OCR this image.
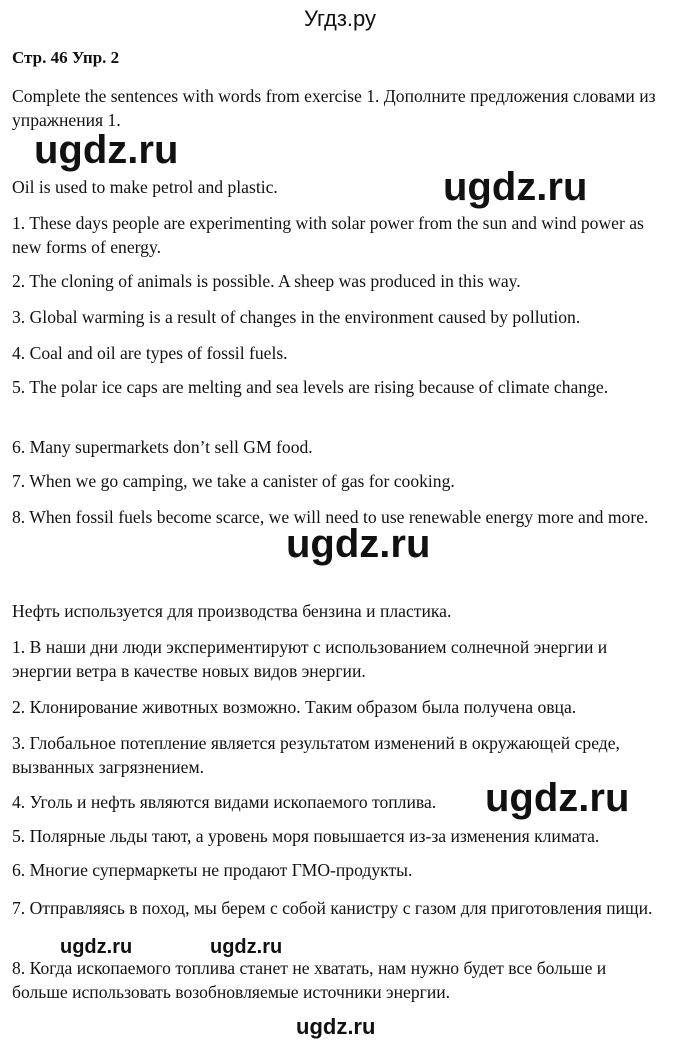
Угдз.ру
Стр. 46 Упр. 2

Complete the sentences with words from exercise 1. Дополните предложения словами из упражнения 1.

Oil is used to make petrol and plastic.

1. These days people are experimenting with solar power from the sun and wind power as new forms of energy.

2. The cloning of animals is possible. A sheep was produced in this way.

3. Global warming is a result of changes in the environment caused by pollution.

4. Coal and oil are types of fossil fuels.

5. The polar ice caps are melting and sea levels are rising because of climate change.

6. Many supermarkets don’t sell GM food.

7. When we go camping, we take a canister of gas for cooking.

8. When fossil fuels become scarce, we will need to use renewable energy more and more.

Нефть используется для производства бензина и пластика.

1. В наши дни люди экспериментируют с использованием солнечной энергии и энергии ветра в качестве новых видов энергии.

2. Клонирование животных возможно. Таким образом была получена овца.

3. Глобальное потепление является результатом изменений в окружающей среде, вызванных загрязнением.

4. Уголь и нефть являются видами ископаемого топлива.

5. Полярные льды тают, а уровень моря повышается из-за изменения климата.

6. Многие супермаркеты не продают ГМО-продукты.

7. Отправляясь в поход, мы берем с собой канистру с газом для приготовления пищи.

8. Когда ископаемого топлива станет не хватать, нам нужно будет все больше и больше использовать возобновляемые источники энергии.

ugdz.ru
ugdz.ru
ugdz.ru
ugdz.ru
ugdz.ru	ugdz.ru
ugdz.ru
